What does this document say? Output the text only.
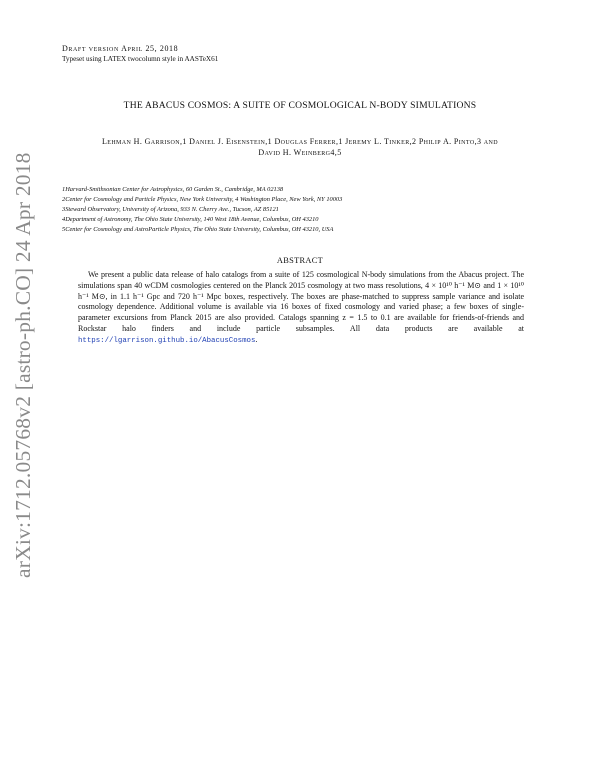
Draft version April 25, 2018
Typeset using LATEX twocolumn style in AASTeX61
arXiv:1712.05768v2 [astro-ph.CO] 24 Apr 2018
THE ABACUS COSMOS: A SUITE OF COSMOLOGICAL N-BODY SIMULATIONS
Lehman H. Garrison,1 Daniel J. Eisenstein,1 Douglas Ferrer,1 Jeremy L. Tinker,2 Philip A. Pinto,3 and
David H. Weinberg4,5
1Harvard-Smithsonian Center for Astrophysics, 60 Garden St., Cambridge, MA 02138
2Center for Cosmology and Particle Physics, New York University, 4 Washington Place, New York, NY 10003
3Steward Observatory, University of Arizona, 933 N. Cherry Ave., Tucson, AZ 85121
4Department of Astronomy, The Ohio State University, 140 West 18th Avenue, Columbus, OH 43210
5Center for Cosmology and AstroParticle Physics, The Ohio State University, Columbus, OH 43210, USA
ABSTRACT
We present a public data release of halo catalogs from a suite of 125 cosmological N-body simulations from the Abacus project. The simulations span 40 wCDM cosmologies centered on the Planck 2015 cosmology at two mass resolutions, 4 × 10¹⁰ h⁻¹ M⊙ and 1 × 10¹⁰ h⁻¹ M⊙, in 1.1 h⁻¹ Gpc and 720 h⁻¹ Mpc boxes, respectively. The boxes are phase-matched to suppress sample variance and isolate cosmology dependence. Additional volume is available via 16 boxes of fixed cosmology and varied phase; a few boxes of single-parameter excursions from Planck 2015 are also provided. Catalogs spanning z = 1.5 to 0.1 are available for friends-of-friends and Rockstar halo finders and include particle subsamples. All data products are available at https://lgarrison.github.io/AbacusCosmos.
